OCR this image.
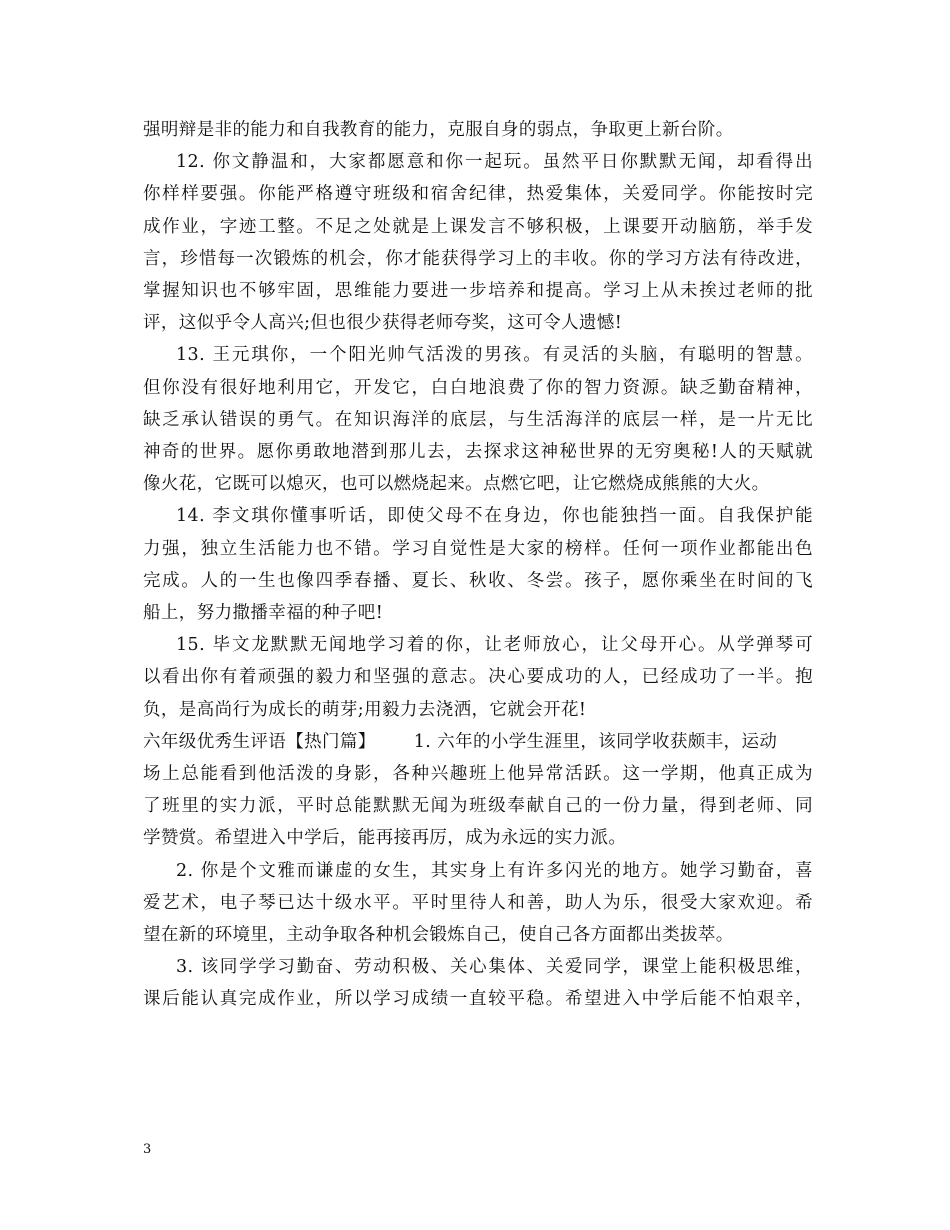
强明辩是非的能力和自我教育的能力，克服自身的弱点，争取更上新台阶。
12. 你文静温和，大家都愿意和你一起玩。虽然平日你默默无闻，却看得出
你样样要强。你能严格遵守班级和宿舍纪律，热爱集体，关爱同学。你能按时完
成作业，字迹工整。不足之处就是上课发言不够积极，上课要开动脑筋，举手发
言，珍惜每一次锻炼的机会，你才能获得学习上的丰收。你的学习方法有待改进，
掌握知识也不够牢固，思维能力要进一步培养和提高。学习上从未挨过老师的批
评，这似乎令人高兴;但也很少获得老师夸奖，这可令人遗憾!
13. 王元琪你，一个阳光帅气活泼的男孩。有灵活的头脑，有聪明的智慧。
但你没有很好地利用它，开发它，白白地浪费了你的智力资源。缺乏勤奋精神，
缺乏承认错误的勇气。在知识海洋的底层，与生活海洋的底层一样，是一片无比
神奇的世界。愿你勇敢地潜到那儿去，去探求这神秘世界的无穷奥秘!人的天赋就
像火花，它既可以熄灭，也可以燃烧起来。点燃它吧，让它燃烧成熊熊的大火。
14. 李文琪你懂事听话，即使父母不在身边，你也能独挡一面。自我保护能
力强，独立生活能力也不错。学习自觉性是大家的榜样。任何一项作业都能出色
完成。人的一生也像四季春播、夏长、秋收、冬尝。孩子，愿你乘坐在时间的飞
船上，努力撒播幸福的种子吧!
15. 毕文龙默默无闻地学习着的你，让老师放心，让父母开心。从学弹琴可
以看出你有着顽强的毅力和坚强的意志。决心要成功的人，已经成功了一半。抱
负，是高尚行为成长的萌芽;用毅力去浇洒，它就会开花!
六年级优秀生评语【热门篇】 1. 六年的小学生涯里，该同学收获颇丰，运动
场上总能看到他活泼的身影，各种兴趣班上他异常活跃。这一学期，他真正成为
了班里的实力派，平时总能默默无闻为班级奉献自己的一份力量，得到老师、同
学赞赏。希望进入中学后，能再接再厉，成为永远的实力派。
2. 你是个文雅而谦虚的女生，其实身上有许多闪光的地方。她学习勤奋，喜
爱艺术，电子琴已达十级水平。平时里待人和善，助人为乐，很受大家欢迎。希
望在新的环境里，主动争取各种机会锻炼自己，使自己各方面都出类拔萃。
3. 该同学学习勤奋、劳动积极、关心集体、关爱同学，课堂上能积极思维，
课后能认真完成作业，所以学习成绩一直较平稳。希望进入中学后能不怕艰辛，
3
